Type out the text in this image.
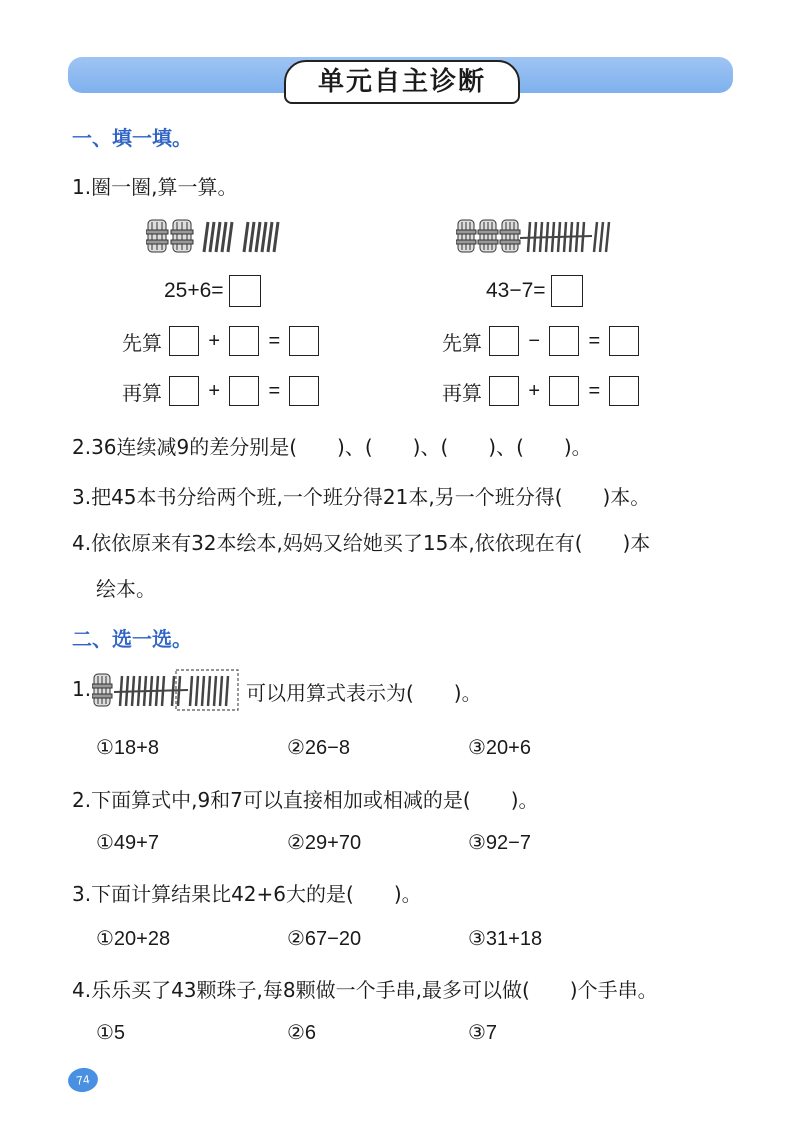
单元自主诊断
一、填一填。
1.圈一圈,算一算。
25+6=
先算 + =
再算 + =
43−7=
先算 − =
再算 + =
2.36连续减9的差分别是(　　)、(　　)、(　　)、(　　)。
3.把45本书分给两个班,一个班分得21本,另一个班分得(　　)本。
4.依依原来有32本绘本,妈妈又给她买了15本,依依现在有(　　)本
绘本。
二、选一选。
1.	可以用算式表示为(　　)。
①18+8	②26−8	③20+6
2.下面算式中,9和7可以直接相加或相减的是(　　)。
①49+7	②29+70	③92−7
3.下面计算结果比42+6大的是(　　)。
①20+28	②67−20	③31+18
4.乐乐买了43颗珠子,每8颗做一个手串,最多可以做(　　)个手串。
①5	②6	③7
74
